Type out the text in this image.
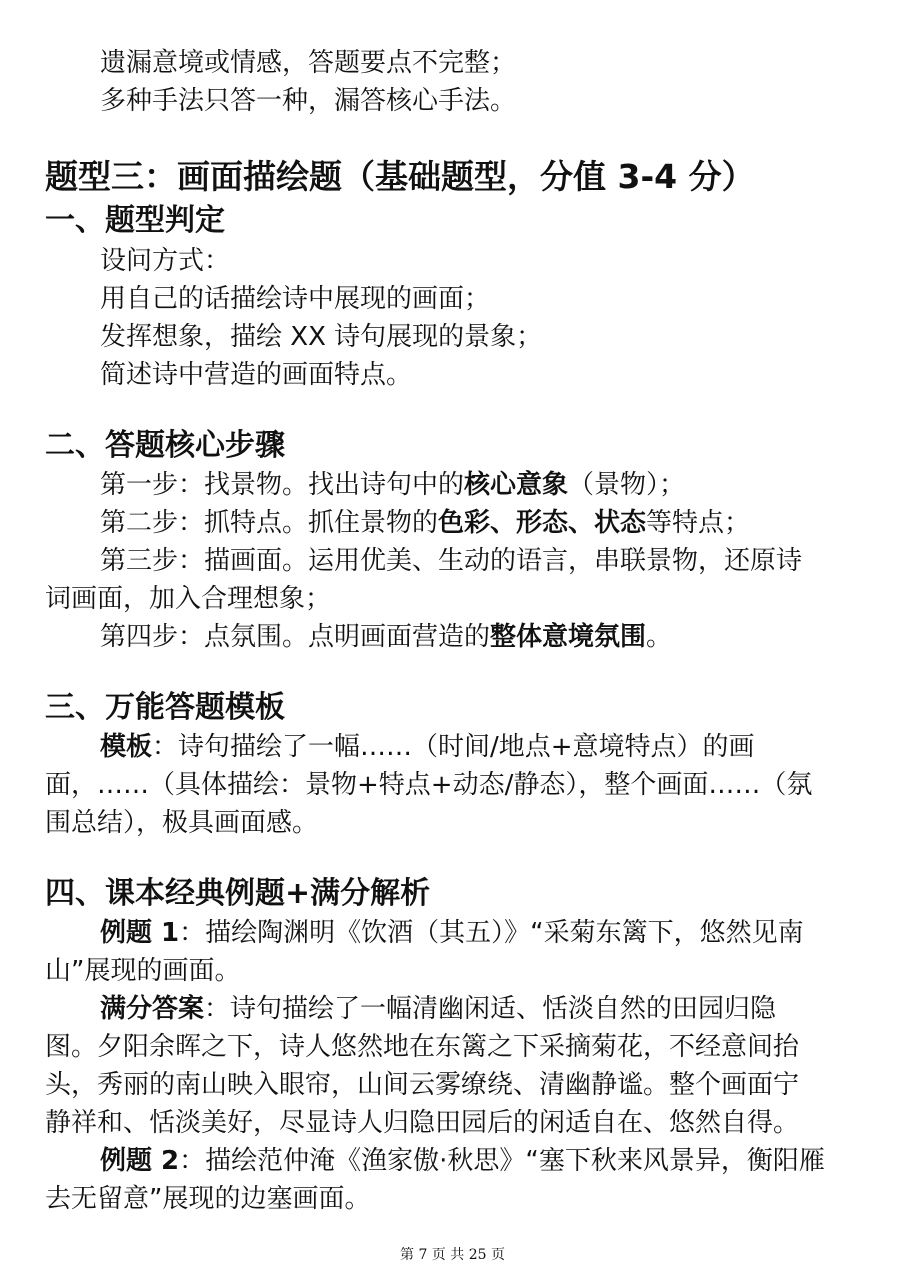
遗漏意境或情感，答题要点不完整；
多种手法只答一种，漏答核心手法。
题型三：画面描绘题（基础题型，分值 3-4 分）
一、题型判定
设问方式：
用自己的话描绘诗中展现的画面；
发挥想象，描绘 XX 诗句展现的景象；
简述诗中营造的画面特点。
二、答题核心步骤
第一步：找景物。找出诗句中的核心意象（景物）；
第二步：抓特点。抓住景物的色彩、形态、状态等特点；
第三步：描画面。运用优美、生动的语言，串联景物，还原诗
词画面，加入合理想象；
第四步：点氛围。点明画面营造的整体意境氛围。
三、万能答题模板
模板：诗句描绘了一幅……（时间/地点+意境特点）的画
面，……（具体描绘：景物+特点+动态/静态），整个画面……（氛
围总结），极具画面感。
四、课本经典例题+满分解析
例题 1：描绘陶渊明《饮酒（其五）》“采菊东篱下，悠然见南
山”展现的画面。
满分答案：诗句描绘了一幅清幽闲适、恬淡自然的田园归隐
图。夕阳余晖之下，诗人悠然地在东篱之下采摘菊花，不经意间抬
头，秀丽的南山映入眼帘，山间云雾缭绕、清幽静谧。整个画面宁
静祥和、恬淡美好，尽显诗人归隐田园后的闲适自在、悠然自得。
例题 2：描绘范仲淹《渔家傲·秋思》“塞下秋来风景异，衡阳雁
去无留意”展现的边塞画面。
第 7 页 共 25 页
